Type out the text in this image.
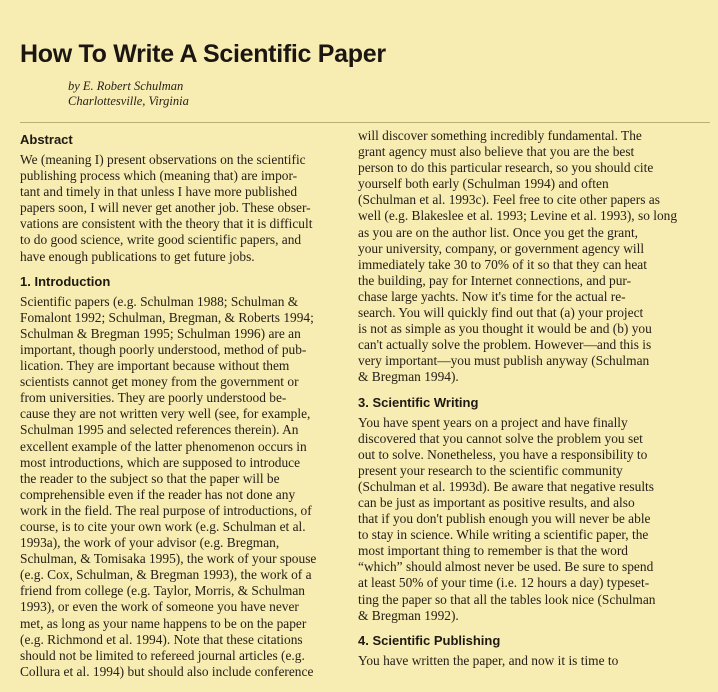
How To Write A Scientific Paper
by E. Robert Schulman
Charlottesville, Virginia
Abstract
We (meaning I) present observations on the scientific
publishing process which (meaning that) are impor-
tant and timely in that unless I have more published
papers soon, I will never get another job. These obser-
vations are consistent with the theory that it is difficult
to do good science, write good scientific papers, and
have enough publications to get future jobs.
1. Introduction
Scientific papers (e.g. Schulman 1988; Schulman &
Fomalont 1992; Schulman, Bregman, & Roberts 1994;
Schulman & Bregman 1995; Schulman 1996) are an
important, though poorly understood, method of pub-
lication. They are important because without them
scientists cannot get money from the government or
from universities. They are poorly understood be-
cause they are not written very well (see, for example,
Schulman 1995 and selected references therein). An
excellent example of the latter phenomenon occurs in
most introductions, which are supposed to introduce
the reader to the subject so that the paper will be
comprehensible even if the reader has not done any
work in the field. The real purpose of introductions, of
course, is to cite your own work (e.g. Schulman et al.
1993a), the work of your advisor (e.g. Bregman,
Schulman, & Tomisaka 1995), the work of your spouse
(e.g. Cox, Schulman, & Bregman 1993), the work of a
friend from college (e.g. Taylor, Morris, & Schulman
1993), or even the work of someone you have never
met, as long as your name happens to be on the paper
(e.g. Richmond et al. 1994). Note that these citations
should not be limited to refereed journal articles (e.g.
Collura et al. 1994) but should also include conference
will discover something incredibly fundamental. The
grant agency must also believe that you are the best
person to do this particular research, so you should cite
yourself both early (Schulman 1994) and often
(Schulman et al. 1993c). Feel free to cite other papers as
well (e.g. Blakeslee et al. 1993; Levine et al. 1993), so long
as you are on the author list. Once you get the grant,
your university, company, or government agency will
immediately take 30 to 70% of it so that they can heat
the building, pay for Internet connections, and pur-
chase large yachts. Now it's time for the actual re-
search. You will quickly find out that (a) your project
is not as simple as you thought it would be and (b) you
can't actually solve the problem. However—and this is
very important—you must publish anyway (Schulman
& Bregman 1994).
3. Scientific Writing
You have spent years on a project and have finally
discovered that you cannot solve the problem you set
out to solve. Nonetheless, you have a responsibility to
present your research to the scientific community
(Schulman et al. 1993d). Be aware that negative results
can be just as important as positive results, and also
that if you don't publish enough you will never be able
to stay in science. While writing a scientific paper, the
most important thing to remember is that the word
“which” should almost never be used. Be sure to spend
at least 50% of your time (i.e. 12 hours a day) typeset-
ting the paper so that all the tables look nice (Schulman
& Bregman 1992).
4. Scientific Publishing
You have written the paper, and now it is time to
